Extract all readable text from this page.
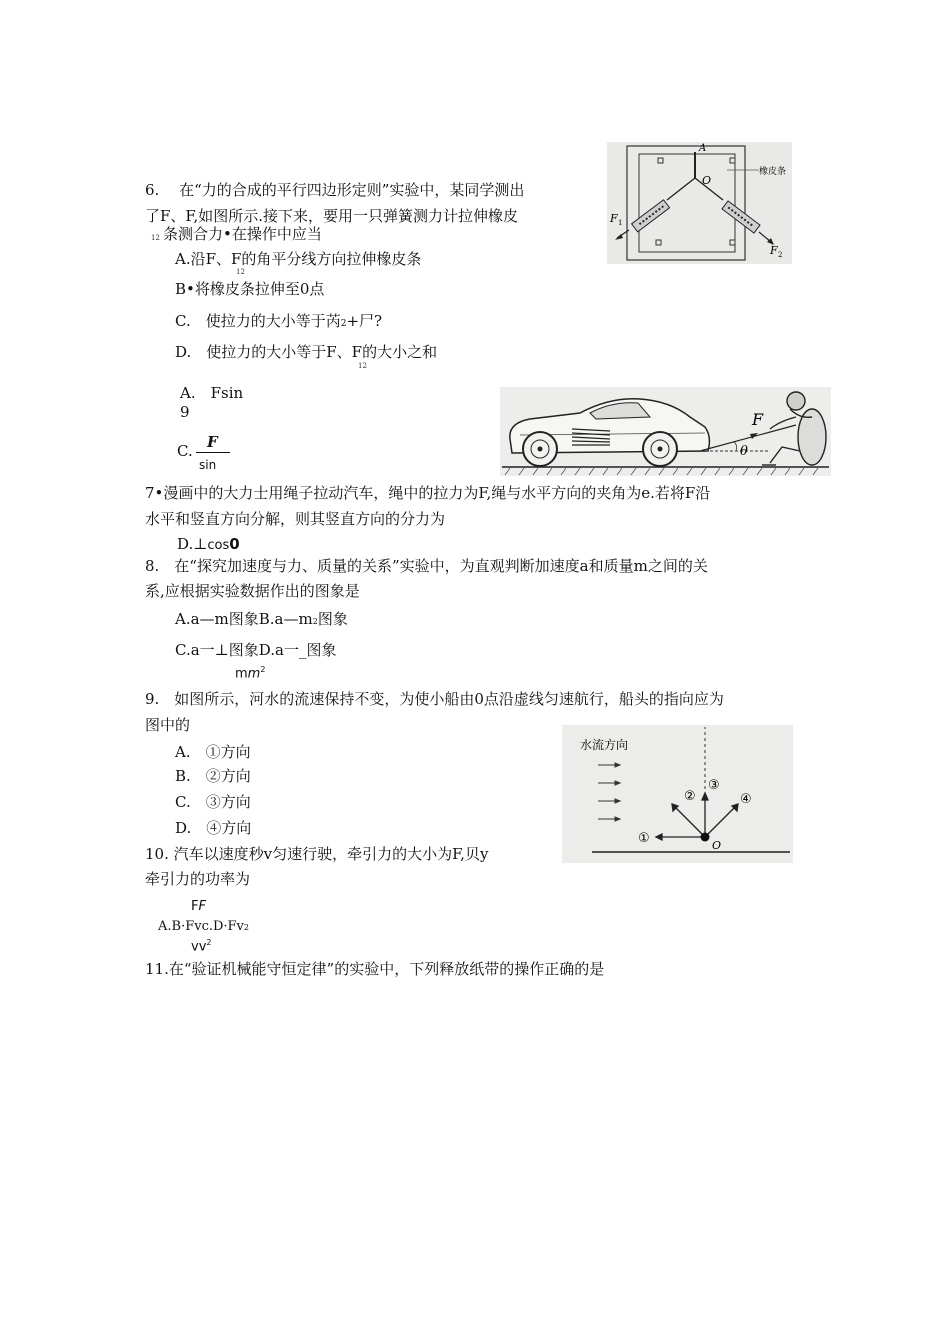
6.　 在“力的合成的平行四边形定则”实验中，某同学测出
了F、F,如图所示.接下来，要用一只弹簧测力计拉伸橡皮
12 条测合力•在操作中应当
A.沿F、F的角平分线方向拉伸橡皮条
12
B•将橡皮条拉伸至0点
C.　使拉力的大小等于芮2+尸?
D.　使拉力的大小等于F、F的大小之和
12
A
O
橡皮条
F 1
F 2
A.　Fsin
9
C. F
sin
7•漫画中的大力士用绳子拉动汽车，绳中的拉力为F,绳与水平方向的夹角为e.若将F沿
水平和竖直方向分解，则其竖直方向的分力为
D.⊥cos0
F
θ
8.　在“探究加速度与力、质量的关系”实验中，为直观判断加速度a和质量m之间的关
系,应根据实验数据作出的图象是
A.a—m图象B.a—m2图象
C.a一⊥图象D.a一_图象
$mm^2$
9.　如图所示，河水的流速保持不变，为使小船由0点沿虚线匀速航行，船头的指向应为
图中的
A.　①方向
B.　②方向
C.　③方向
D.　④方向
水流方向
①
②
③
④
O
10. 汽车以速度秒v匀速行驶，牵引力的大小为F,贝y
牵引力的功率为
FF
A.B·Fvc.D·Fv2
$vv^2$
11.在“验证机械能守恒定律”的实验中，下列释放纸带的操作正确的是
